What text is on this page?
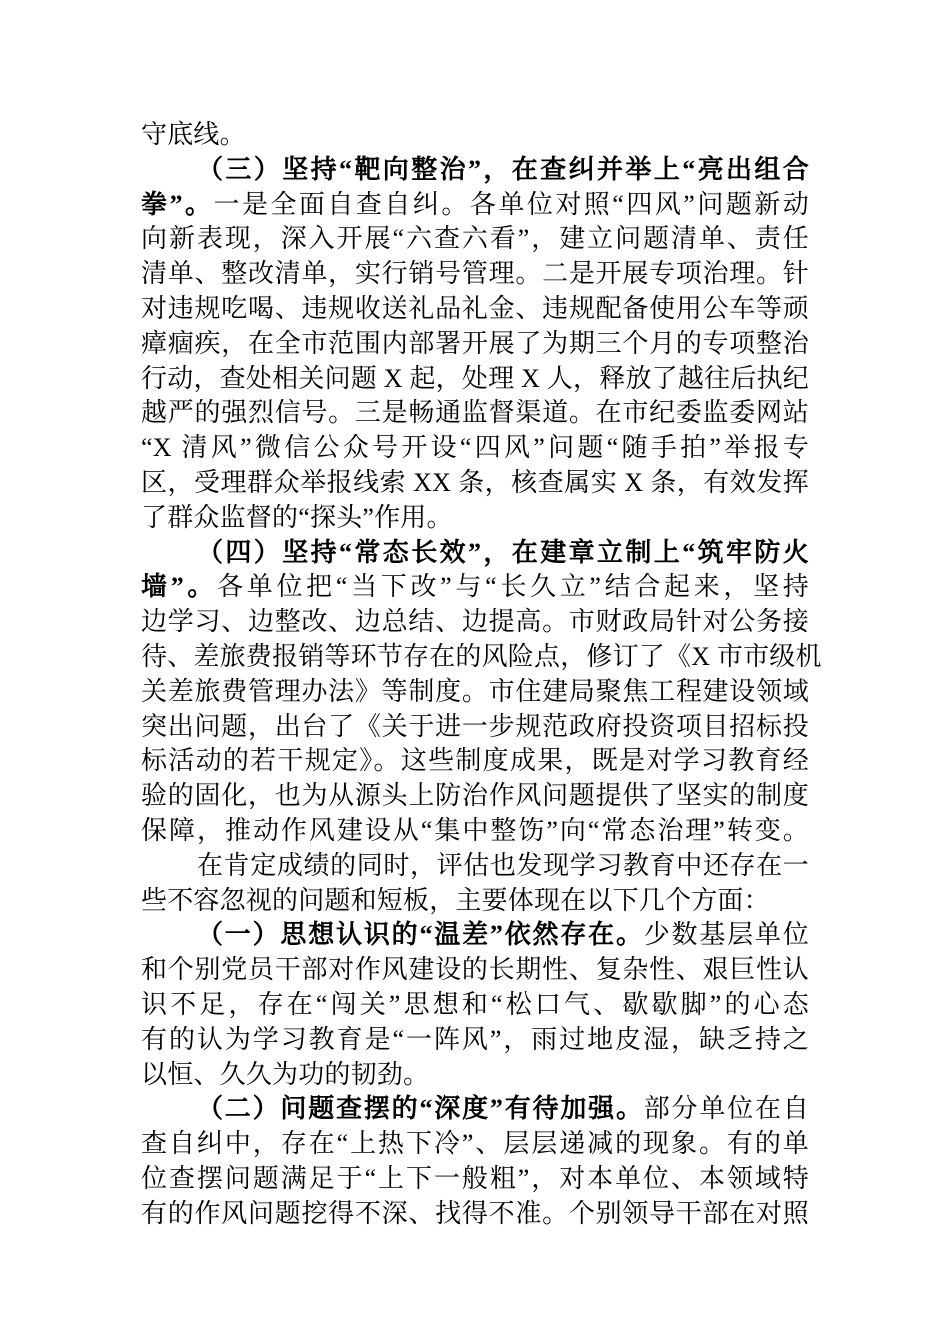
守底线。
（三）坚持“靶向整治”，在查纠并举上“亮出组合
拳”。一是全面自查自纠。各单位对照“四风”问题新动
向新表现，深入开展“六查六看”，建立问题清单、责任
清单、整改清单，实行销号管理。二是开展专项治理。针
对违规吃喝、违规收送礼品礼金、违规配备使用公车等顽
瘴痼疾，在全市范围内部署开展了为期三个月的专项整治
行动，查处相关问题 X 起，处理 X 人，释放了越往后执纪
越严的强烈信号。三是畅通监督渠道。在市纪委监委网站
“X 清风”微信公众号开设“四风”问题“随手拍”举报专
区，受理群众举报线索 XX 条，核查属实 X 条，有效发挥
了群众监督的“探头”作用。
（四）坚持“常态长效”，在建章立制上“筑牢防火
墙”。各单位把“当下改”与“长久立”结合起来，坚持
边学习、边整改、边总结、边提高。市财政局针对公务接
待、差旅费报销等环节存在的风险点，修订了《X 市市级机
关差旅费管理办法》等制度。市住建局聚焦工程建设领域
突出问题，出台了《关于进一步规范政府投资项目招标投
标活动的若干规定》。这些制度成果，既是对学习教育经
验的固化，也为从源头上防治作风问题提供了坚实的制度
保障，推动作风建设从“集中整饬”向“常态治理”转变。
在肯定成绩的同时，评估也发现学习教育中还存在一
些不容忽视的问题和短板，主要体现在以下几个方面：
（一）思想认识的“温差”依然存在。少数基层单位
和个别党员干部对作风建设的长期性、复杂性、艰巨性认
识不足，存在“闯关”思想和“松口气、歇歇脚”的心态
有的认为学习教育是“一阵风”，雨过地皮湿，缺乏持之
以恒、久久为功的韧劲。
（二）问题查摆的“深度”有待加强。部分单位在自
查自纠中，存在“上热下冷”、层层递减的现象。有的单
位查摆问题满足于“上下一般粗”，对本单位、本领域特
有的作风问题挖得不深、找得不准。个别领导干部在对照
